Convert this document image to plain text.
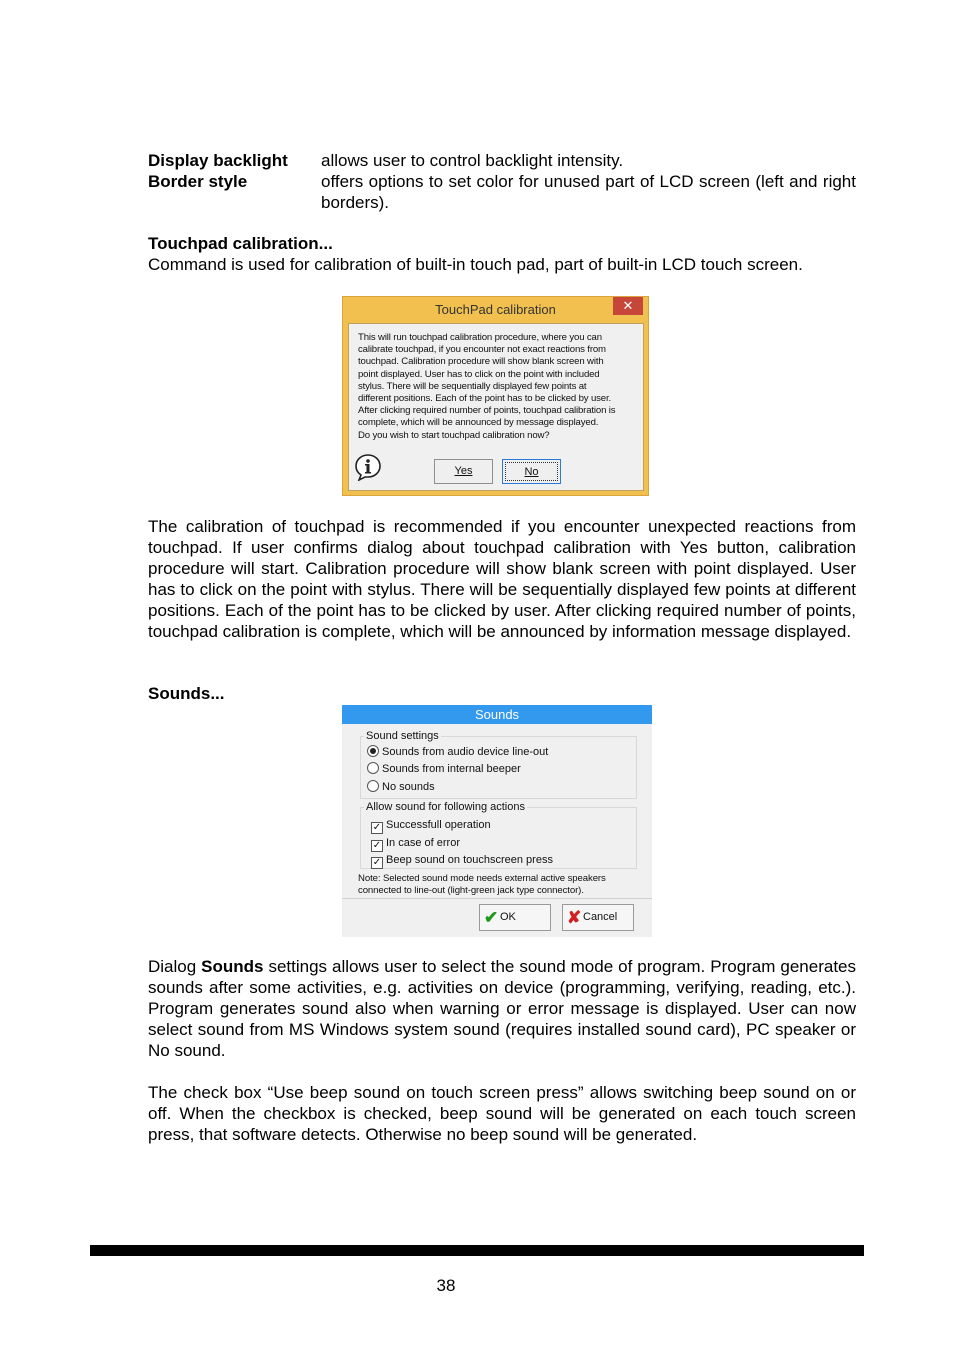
Display backlight	allows user to control backlight intensity.
Border style	offers options to set color for unused part of LCD screen (left and right borders).
Touchpad calibration...
Command is used for calibration of built-in touch pad, part of built-in LCD touch screen.
TouchPad calibration	✕
This will run touchpad calibration procedure, where you can
calibrate touchpad, if you encounter not exact reactions from
touchpad. Calibration procedure will show blank screen with
point displayed. User has to click on the point with included
stylus. There will be sequentially displayed few points at
different positions. Each of the point has to be clicked by user.
After clicking required number of points, touchpad calibration is
complete, which will be announced by message displayed.
Do you wish to start touchpad calibration now?
Yes	No
The calibration of touchpad is recommended if you encounter unexpected reactions from touchpad. If user confirms dialog about touchpad calibration with Yes button, calibration procedure will start. Calibration procedure will show blank screen with point displayed. User has to click on the point with stylus. There will be sequentially displayed few points at different positions. Each of the point has to be clicked by user. After clicking required number of points, touchpad calibration is complete, which will be announced by information message displayed.
Sounds...
Sounds
Sound settings
Sounds from audio device line-out
Sounds from internal beeper
No sounds
Allow sound for following actions
✓ Successfull operation
✓ In case of error
✓ Beep sound on touchscreen press
Note: Selected sound mode needs external active speakers
connected to line-out (light-green jack type connector).
✔ OK	✘ Cancel
Dialog Sounds settings allows user to select the sound mode of program. Program generates sounds after some activities, e.g. activities on device (programming, verifying, reading, etc.). Program generates sound also when warning or error message is displayed. User can now select sound from MS Windows system sound (requires installed sound card), PC speaker or No sound.
The check box “Use beep sound on touch screen press” allows switching beep sound on or off. When the checkbox is checked, beep sound will be generated on each touch screen press, that software detects. Otherwise no beep sound will be generated.
38
